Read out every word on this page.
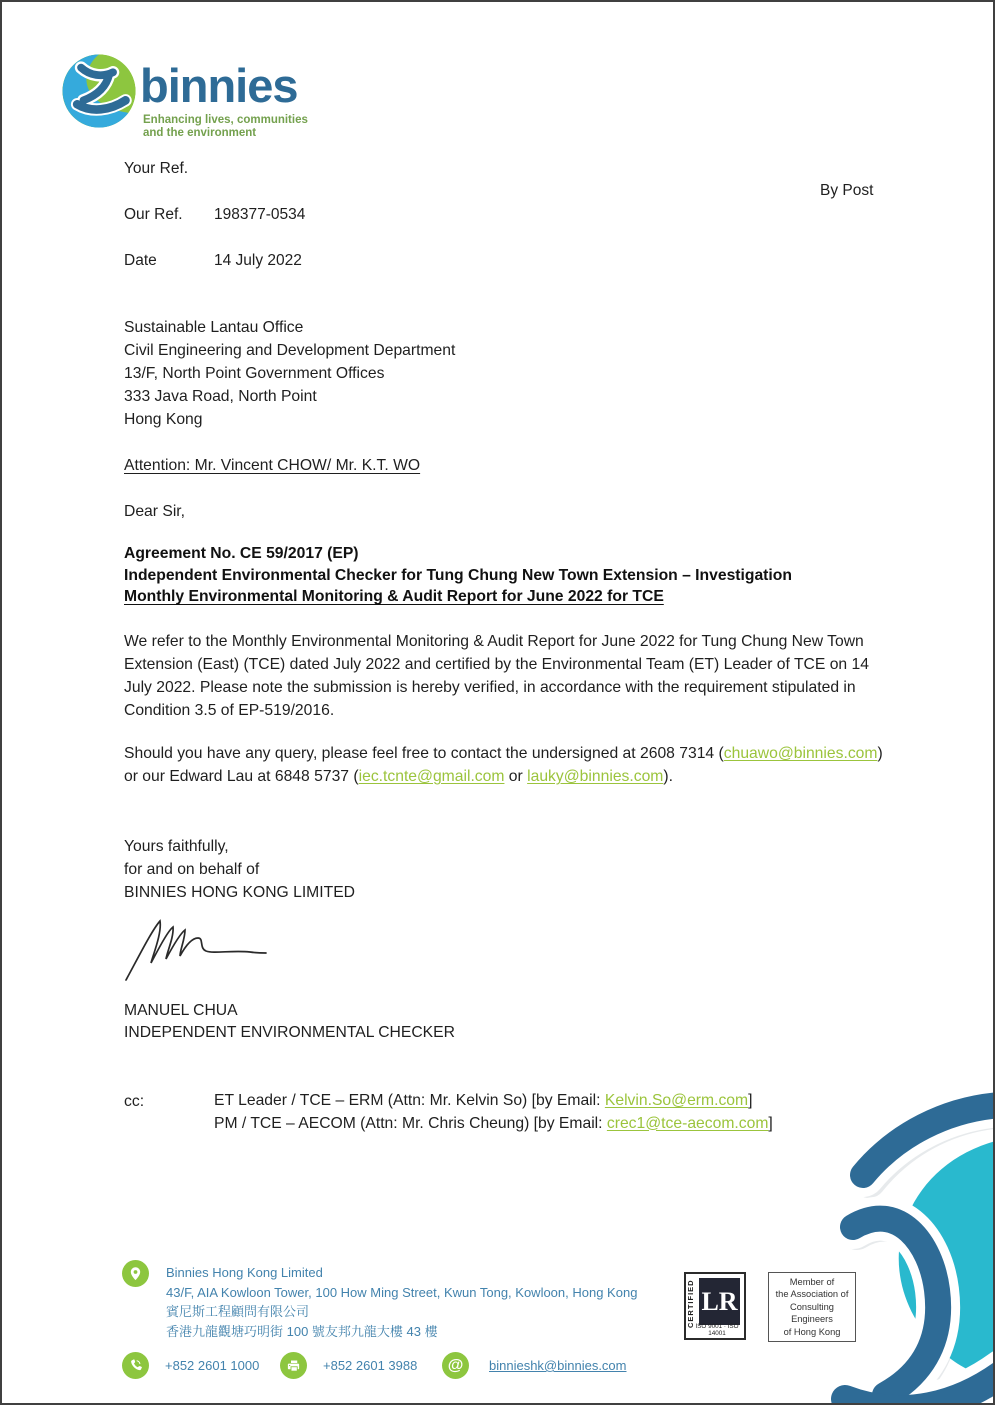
binnies
Enhancing lives, communities
and the environment
Your Ref.
By Post
Our Ref. 198377-0534
Date	14 July 2022
Sustainable Lantau Office
Civil Engineering and Development Department
13/F, North Point Government Offices
333 Java Road, North Point
Hong Kong
Attention: Mr. Vincent CHOW/ Mr. K.T. WO
Dear Sir,
Agreement No. CE 59/2017 (EP)
Independent Environmental Checker for Tung Chung New Town Extension – Investigation
Monthly Environmental Monitoring & Audit Report for June 2022 for TCE
We refer to the Monthly Environmental Monitoring & Audit Report for June 2022 for Tung Chung New Town Extension (East) (TCE) dated July 2022 and certified by the Environmental Team (ET) Leader of TCE on 14 July 2022. Please note the submission is hereby verified, in accordance with the requirement stipulated in Condition 3.5 of EP-519/2016.
Should you have any query, please feel free to contact the undersigned at 2608 7314 (chuawo@binnies.com) or our Edward Lau at 6848 5737 (iec.tcnte@gmail.com or lauky@binnies.com).
Yours faithfully,
for and on behalf of
BINNIES HONG KONG LIMITED
MANUEL CHUA
INDEPENDENT ENVIRONMENTAL CHECKER
cc:	ET Leader / TCE – ERM (Attn: Mr. Kelvin So) [by Email: Kelvin.So@erm.com]
PM / TCE – AECOM (Attn: Mr. Chris Cheung) [by Email: crec1@tce-aecom.com]
Binnies Hong Kong Limited
43/F, AIA Kowloon Tower, 100 How Ming Street, Kwun Tong, Kowloon, Hong Kong
賓尼斯工程顧問有限公司
香港九龍觀塘巧明街 100 號友邦九龍大樓 43 樓
+852 2601 1000	+852 2601 3988 @ binnieshk@binnies.com
CERTIFIED LR
ISO 9001 · ISO 14001
Member of
the Association of
Consulting Engineers
of Hong Kong
